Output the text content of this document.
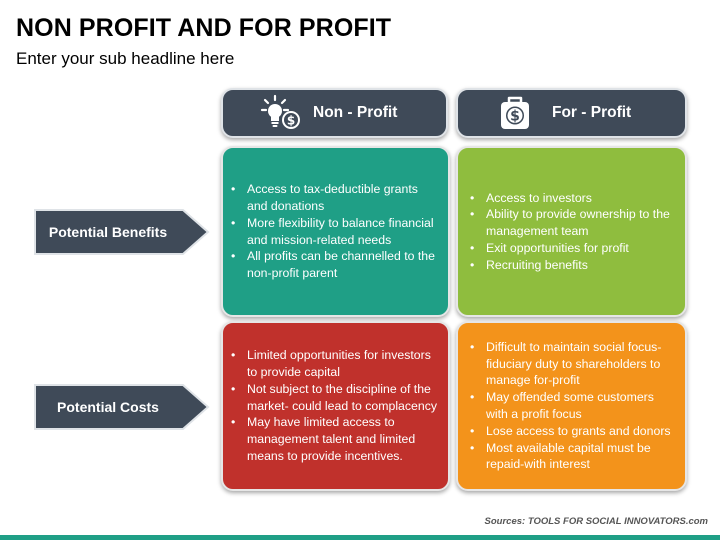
NON PROFIT AND FOR PROFIT
Enter your sub headline here
$ Non - Profit	$ For - Profit
Potential Benefits
Potential Costs
• Access to tax-deductible grants and donations
• More flexibility to balance financial and mission-related needs
• All profits can be channelled to the non-profit parent
• Access to investors
• Ability to provide ownership to the management team
• Exit opportunities for profit
• Recruiting benefits
• Limited opportunities for investors to provide capital
• Not subject to the discipline of the market- could lead to complacency
• May have limited access to management talent and limited means to provide incentives.
• Difficult to maintain social focus- fiduciary duty to shareholders to manage for-profit
• May offended some customers with a profit focus
• Lose access to grants and donors
• Most available capital must be repaid-with interest
Sources: TOOLS FOR SOCIAL INNOVATORS.com
